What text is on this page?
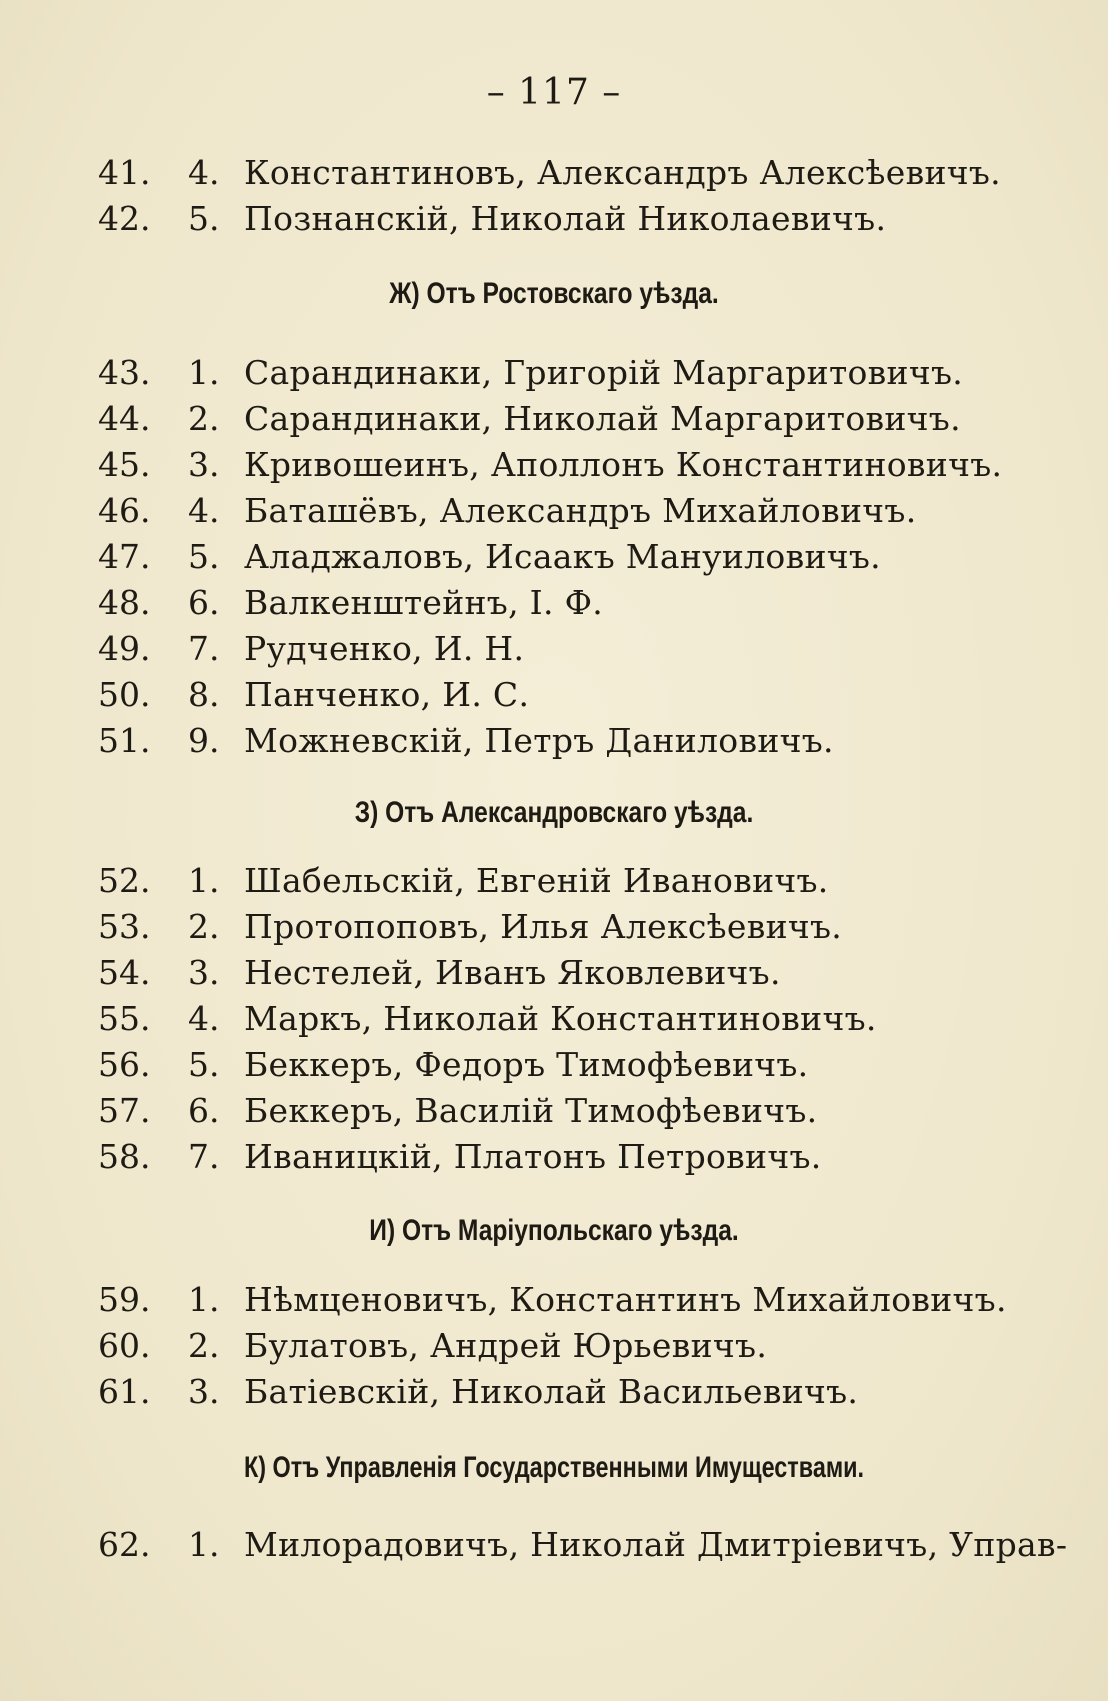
– 117 –
41. 4. Константиновъ, Александръ Алексѣевичъ.
42. 5. Познанскій, Николай Николаевичъ.
Ж) Отъ Ростовскаго уѣзда.
43. 1. Сарандинаки, Григорій Маргаритовичъ.
44. 2. Сарандинаки, Николай Маргаритовичъ.
45. 3. Кривошеинъ, Аполлонъ Константиновичъ.
46. 4. Баташёвъ, Александръ Михайловичъ.
47. 5. Аладжаловъ, Исаакъ Мануиловичъ.
48. 6. Валкенштейнъ, І. Ф.
49. 7. Рудченко, И. Н.
50. 8. Панченко, И. С.
51. 9. Можневскій, Петръ Даниловичъ.
З) Отъ Александровскаго уѣзда.
52. 1. Шабельскій, Евгеній Ивановичъ.
53. 2. Протопоповъ, Илья Алексѣевичъ.
54. 3. Нестелей, Иванъ Яковлевичъ.
55. 4. Маркъ, Николай Константиновичъ.
56. 5. Беккеръ, Федоръ Тимофѣевичъ.
57. 6. Беккеръ, Василій Тимофѣевичъ.
58. 7. Иваницкій, Платонъ Петровичъ.
И) Отъ Маріупольскаго уѣзда.
59. 1. Нѣмценовичъ, Константинъ Михайловичъ.
60. 2. Булатовъ, Андрей Юрьевичъ.
61. 3. Батіевскій, Николай Васильевичъ.
К) Отъ Управленія Государственными Имуществами.
62. 1. Милорадовичъ, Николай Дмитріевичъ, Управ-
